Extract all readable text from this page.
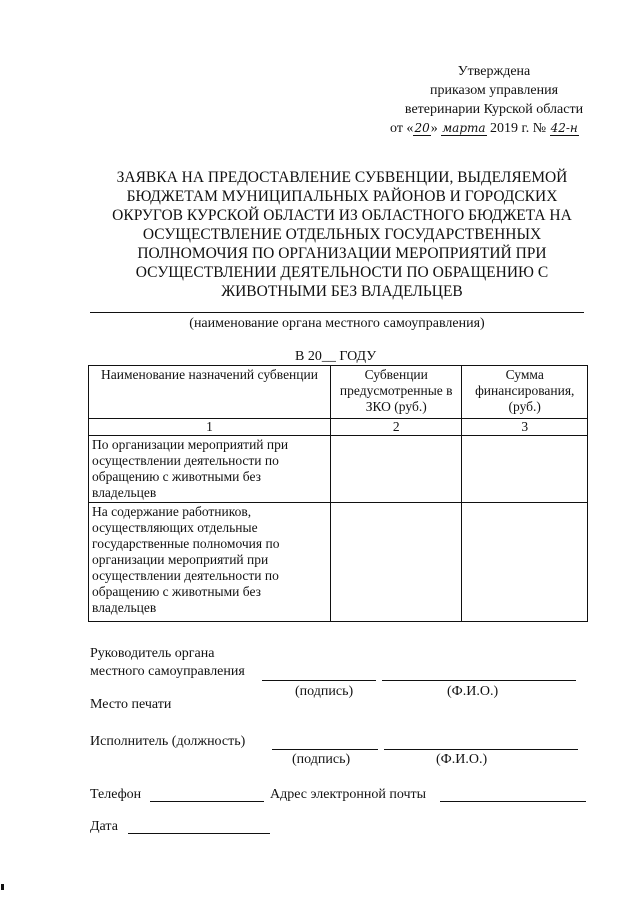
Утверждена
приказом управления
ветеринарии Курской области
от «20» марта 2019 г. № 42-н
ЗАЯВКА НА ПРЕДОСТАВЛЕНИЕ СУБВЕНЦИИ, ВЫДЕЛЯЕМОЙ БЮДЖЕТАМ МУНИЦИПАЛЬНЫХ РАЙОНОВ И ГОРОДСКИХ ОКРУГОВ КУРСКОЙ ОБЛАСТИ ИЗ ОБЛАСТНОГО БЮДЖЕТА НА ОСУЩЕСТВЛЕНИЕ ОТДЕЛЬНЫХ ГОСУДАРСТВЕННЫХ ПОЛНОМОЧИЯ ПО ОРГАНИЗАЦИИ МЕРОПРИЯТИЙ ПРИ ОСУЩЕСТВЛЕНИИ ДЕЯТЕЛЬНОСТИ ПО ОБРАЩЕНИЮ С ЖИВОТНЫМИ БЕЗ ВЛАДЕЛЬЦЕВ
(наименование органа местного самоуправления)
В 20__ ГОДУ
Наименование назначений субвенции	Субвенции предусмотренные в ЗКО (руб.)	Сумма финансирования, (руб.)
1	2	3
По организации мероприятий при осуществлении деятельности по обращению с животными без владельцев		
На содержание работников, осуществляющих отдельные государственные полномочия по организации мероприятий при осуществлении деятельности по обращению с животными без владельцев		
Руководитель органа
местного самоуправления
(подпись)	(Ф.И.О.)
Место печати
Исполнитель (должность)
(подпись)	(Ф.И.О.)
Телефон	Адрес электронной почты
Дата
